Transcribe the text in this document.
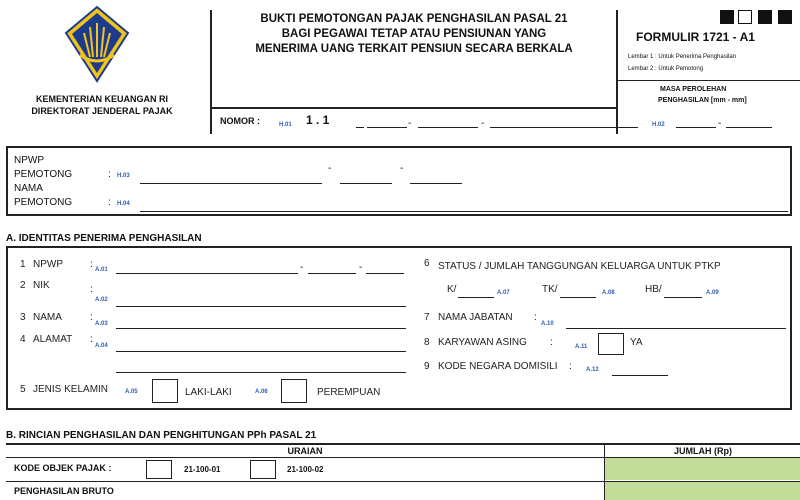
KEMENTERIAN KEUANGAN RI
DIREKTORAT JENDERAL PAJAK
BUKTI PEMOTONGAN PAJAK PENGHASILAN PASAL 21
BAGI PEGAWAI TETAP ATAU PENSIUNAN YANG
MENERIMA UANG TERKAIT PENSIUN SECARA BERKALA
FORMULIR 1721 - A1
Lembar 1 : Untuk Penerima Penghasilan
Lembar 2 : Untuk Pemotong
MASA PEROLEHAN
PENGHASILAN [mm - mm]
NOMOR :	H.01 1 . 1	-	-	H.02	-
NPWP
PEMOTONG	: H.03
-	-
NAMA
PEMOTONG	: H.04
A. IDENTITAS PENERIMA PENGHASILAN
1 NPWP	: A.01	-	-
2 NIK	:
A.02
3 NAMA	:
A.03
4 ALAMAT :
A.04
5 JENIS KELAMIN	A.05	LAKI-LAKI	A.06	PEREMPUAN
6 STATUS / JUMLAH TANGGUNGAN KELUARGA UNTUK PTKP
K/	A.07	TK/	A.08	HB/	A.09
7 NAMA JABATAN :
A.10
8 KARYAWAN ASING :	A.11	YA
9 KODE NEGARA DOMISILI : A.12
B. RINCIAN PENGHASILAN DAN PENGHITUNGAN PPh PASAL 21
URAIAN	JUMLAH (Rp)
KODE OBJEK PAJAK :	21-100-01	21-100-02
PENGHASILAN BRUTO
